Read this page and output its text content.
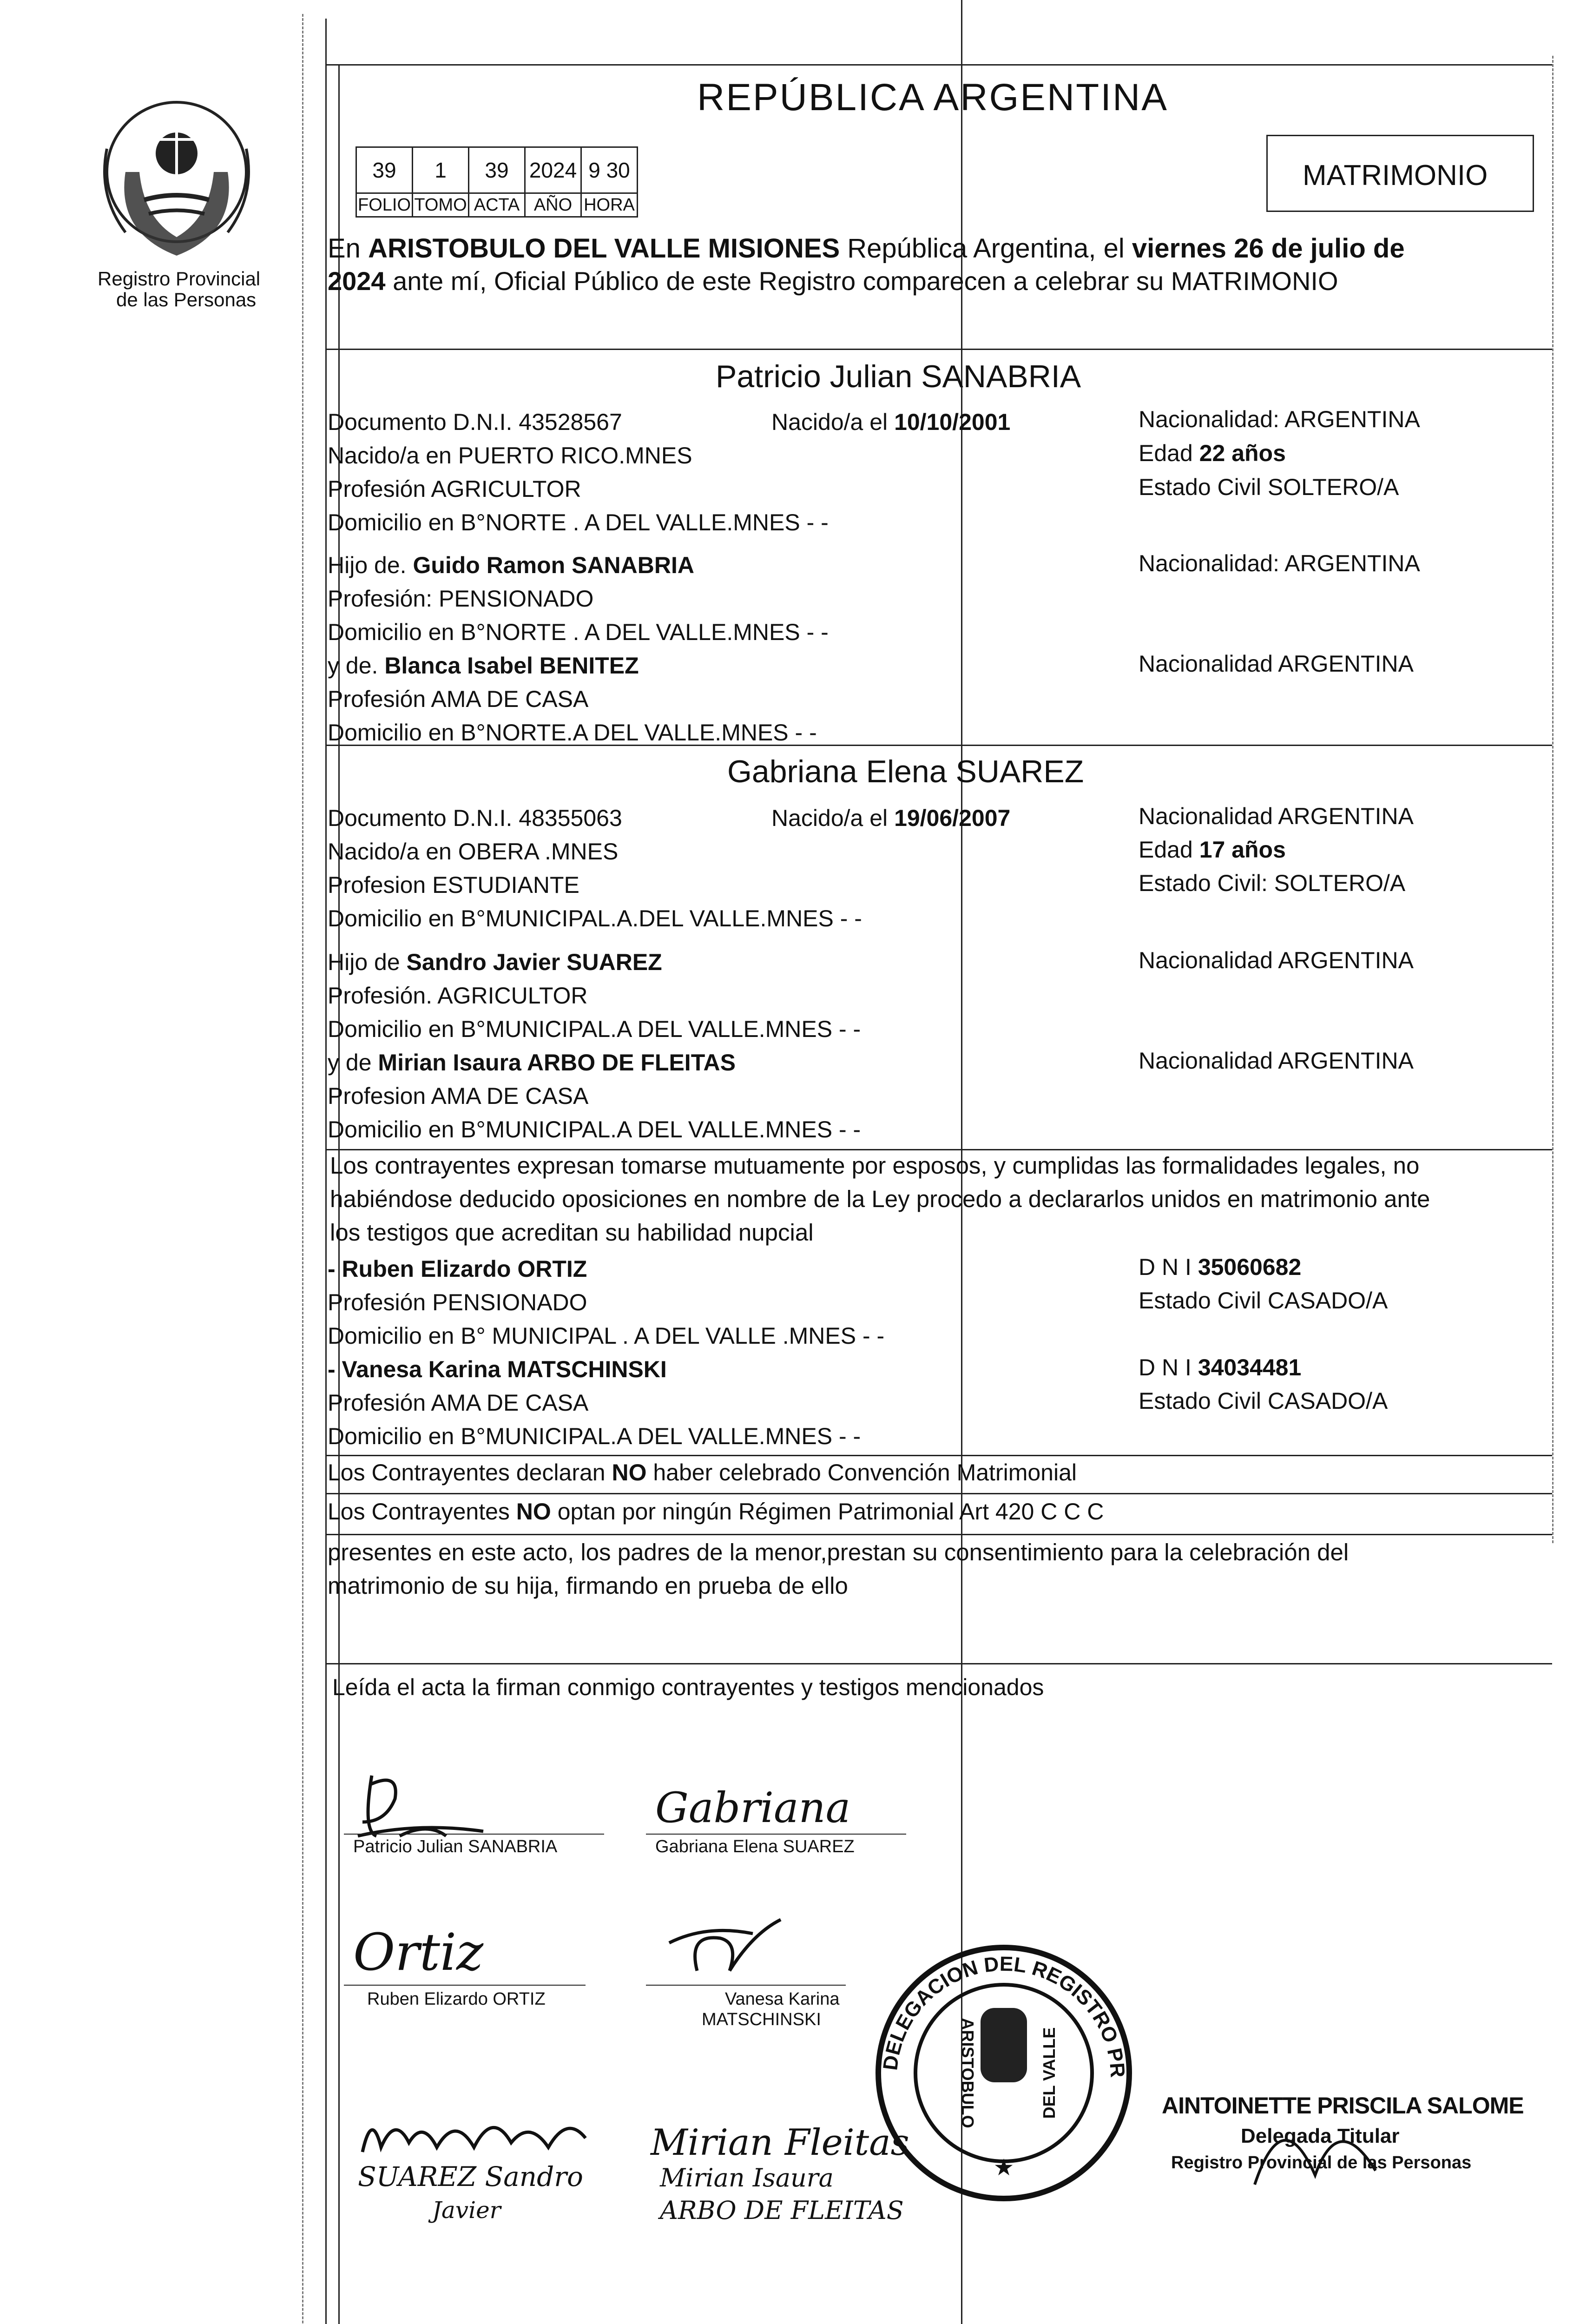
Registro Provincial
de las Personas
REPÚBLICA ARGENTINA
39	1	39	2024	9 30
FOLIO	TOMO	ACTA	AÑO	HORA
MATRIMONIO
En ARISTOBULO DEL VALLE MISIONES República Argentina, el viernes 26 de julio de
2024 ante mí, Oficial Público de este Registro comparecen a celebrar su MATRIMONIO
Patricio Julian SANABRIA
Documento D.N.I. 43528567	Nacido/a el 10/10/2001	Nacionalidad: ARGENTINA
Nacido/a en PUERTO RICO.MNES	Edad 22 años
Profesión AGRICULTOR	Estado Civil SOLTERO/A
Domicilio en B°NORTE . A DEL VALLE.MNES - -
Hijo de. Guido Ramon SANABRIA	Nacionalidad: ARGENTINA
Profesión: PENSIONADO
Domicilio en B°NORTE . A DEL VALLE.MNES - -
y de. Blanca Isabel BENITEZ	Nacionalidad ARGENTINA
Profesión AMA DE CASA
Domicilio en B°NORTE.A DEL VALLE.MNES - -
Gabriana Elena SUAREZ
Documento D.N.I. 48355063	Nacido/a el 19/06/2007	Nacionalidad ARGENTINA
Nacido/a en OBERA .MNES	Edad 17 años
Profesion ESTUDIANTE	Estado Civil: SOLTERO/A
Domicilio en B°MUNICIPAL.A.DEL VALLE.MNES - -
Hijo de Sandro Javier SUAREZ	Nacionalidad ARGENTINA
Profesión. AGRICULTOR
Domicilio en B°MUNICIPAL.A DEL VALLE.MNES - -
y de Mirian Isaura ARBO DE FLEITAS	Nacionalidad ARGENTINA
Profesion AMA DE CASA
Domicilio en B°MUNICIPAL.A DEL VALLE.MNES - -
Los contrayentes expresan tomarse mutuamente por esposos, y cumplidas las formalidades legales, no
habiéndose deducido oposiciones en nombre de la Ley procedo a declararlos unidos en matrimonio ante
los testigos que acreditan su habilidad nupcial
- Ruben Elizardo ORTIZ	D N I 35060682
Profesión PENSIONADO	Estado Civil CASADO/A
Domicilio en B° MUNICIPAL . A DEL VALLE .MNES - -
- Vanesa Karina MATSCHINSKI	D N I 34034481
Profesión AMA DE CASA	Estado Civil CASADO/A
Domicilio en B°MUNICIPAL.A DEL VALLE.MNES - -
Los Contrayentes declaran NO haber celebrado Convención Matrimonial
Los Contrayentes NO optan por ningún Régimen Patrimonial Art 420 C C C
presentes en este acto, los padres de la menor,prestan su consentimiento para la celebración del
matrimonio de su hija, firmando en prueba de ello
Leída el acta la firman conmigo contrayentes y testigos mencionados
Patricio Julian SANABRIA
Gabriana
Gabriana Elena SUAREZ
Ortiz
Ruben Elizardo ORTIZ	Vanesa Karina
MATSCHINSKI
SUAREZ Sandro
Javier
Mirian Fleitas
Mirian Isaura
ARBO DE FLEITAS
DELEGACION DEL REGISTRO PROVINCIAL DE LAS PERSONAS
ARISTOBULO	DEL VALLE
★
AINTOINETTE PRISCILA SALOME
Delegada Titular
Registro Provincial de las Personas
